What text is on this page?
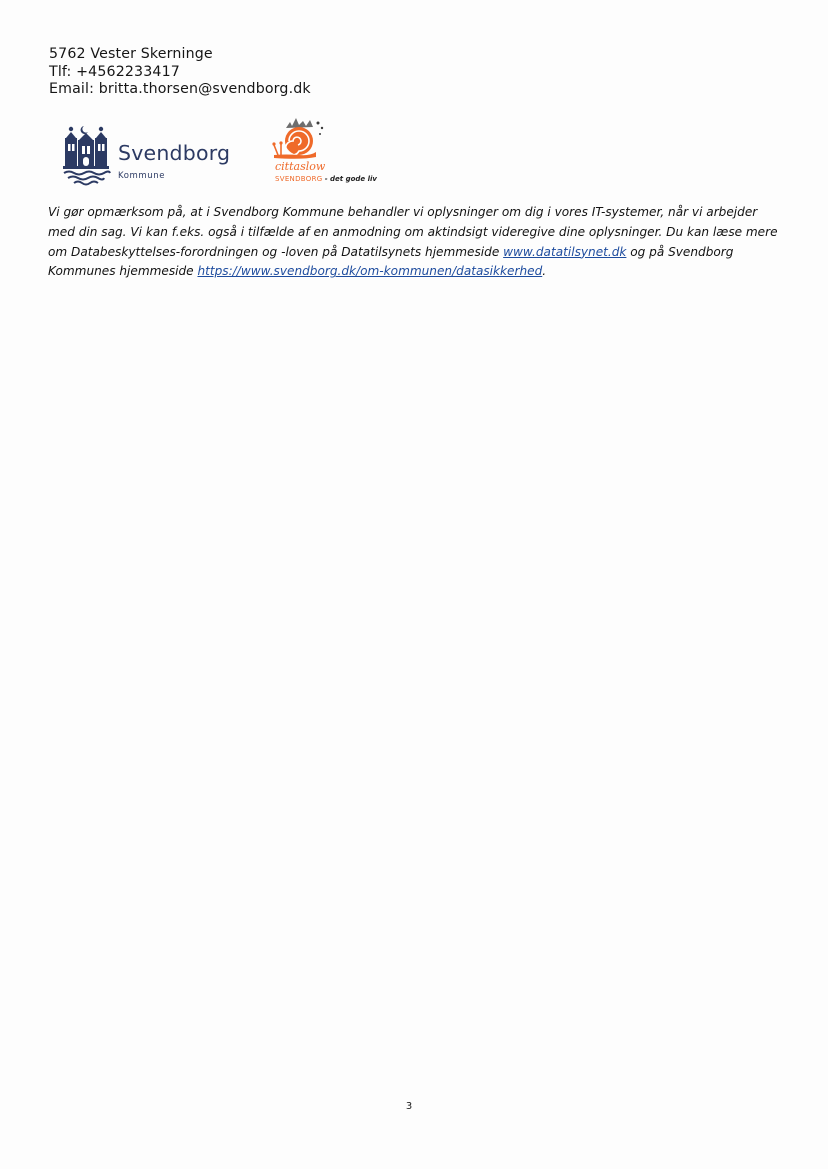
5762 Vester Skerninge
Tlf: +4562233417
Email: britta.thorsen@svendborg.dk
Svendborg
Kommune
cittaslow
SVENDBORG - det gode liv
Vi gør opmærksom på, at i Svendborg Kommune behandler vi oplysninger om dig i vores IT-systemer, når vi arbejder med din sag. Vi kan f.eks. også i tilfælde af en anmodning om aktindsigt videregive dine oplysninger. Du kan læse mere om Databeskyttelses-forordningen og -loven på Datatilsynets hjemmeside www.datatilsynet.dk og på Svendborg Kommunes hjemmeside https://www.svendborg.dk/om-kommunen/datasikkerhed.
3
